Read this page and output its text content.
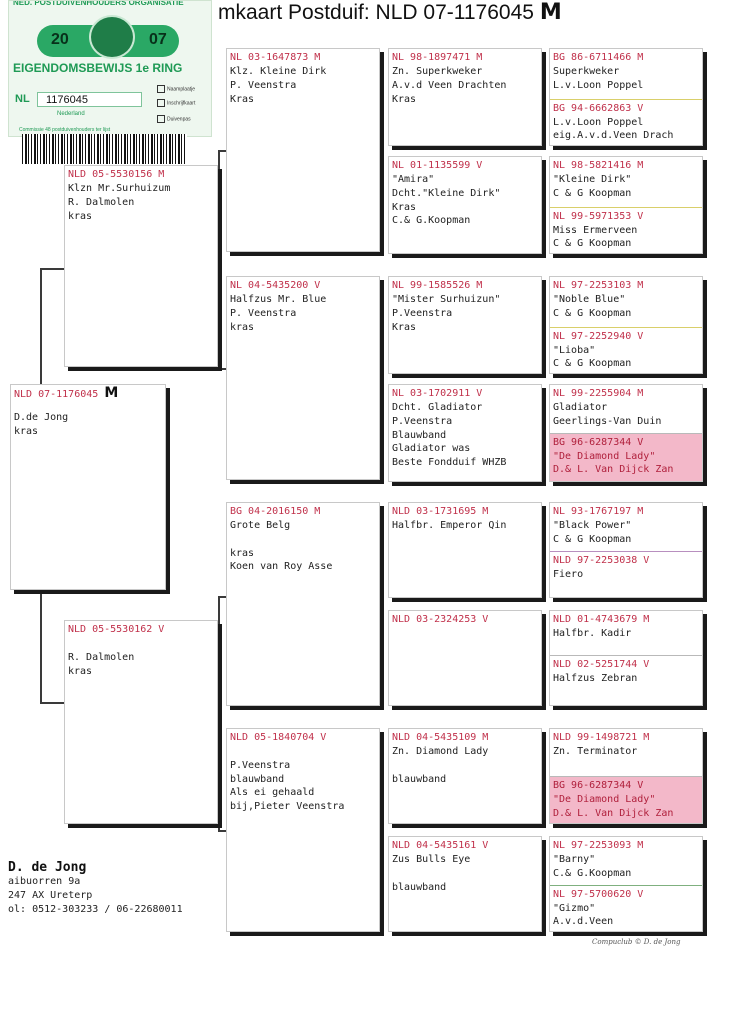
mkaart Postduif: NLD 07-1176045 M
NED. POSTDUIVENHOUDERS ORGANISATIE
20	07
EIGENDOMSBEWIJS 1e RING
NL	1176045
Nederland
Naamplaatje
Inschrijfkaart
Duivenpas
Commissie 48 postduivenhouders ter lijst
NLD 07-1176045 M
D.de Jong
kras
NLD 05-5530156 M
Klzn Mr.Surhuizum
R. Dalmolen
kras
NLD 05-5530162 V

R. Dalmolen
kras
NL 03-1647873 M
Klz. Kleine Dirk
P. Veenstra
Kras
NL 04-5435200 V
Halfzus Mr. Blue
P. Veenstra
kras
BG 04-2016150 M
Grote Belg

kras
Koen van Roy Asse
NLD 05-1840704 V

P.Veenstra
blauwband
Als ei gehaald
bij,Pieter Veenstra
NL 98-1897471 M
Zn. Superkweker
A.v.d Veen Drachten
Kras
NL 01-1135599 V
"Amira"
Dcht."Kleine Dirk"
Kras
C.& G.Koopman
NL 99-1585526 M
"Mister Surhuizun"
P.Veenstra
Kras
NL 03-1702911 V
Dcht. Gladiator
P.Veenstra
Blauwband
Gladiator was
Beste Fondduif WHZB
NLD 03-1731695 M
Halfbr. Emperor Qin
NLD 03-2324253 V
NLD 04-5435109 M
Zn. Diamond Lady

blauwband
NLD 04-5435161 V
Zus Bulls Eye

blauwband
BG 86-6711466 M
Superkweker
L.v.Loon Poppel
BG 94-6662863 V
L.v.Loon Poppel
eig.A.v.d.Veen Drach
NL 98-5821416 M
"Kleine Dirk"
C & G Koopman
NL 99-5971353 V
Miss Ermerveen
C & G Koopman
NL 97-2253103 M
"Noble Blue"
C & G Koopman
NL 97-2252940 V
"Lioba"
C & G Koopman
NL 99-2255904 M
Gladiator
Geerlings-Van Duin
BG 96-6287344 V
"De Diamond Lady"
D.& L. Van Dijck Zan
NL 93-1767197 M
"Black Power"
C & G Koopman
NLD 97-2253038 V
Fiero
NLD 01-4743679 M
Halfbr. Kadir
NLD 02-5251744 V
Halfzus Zebran
NLD 99-1498721 M
Zn. Terminator
BG 96-6287344 V
"De Diamond Lady"
D.& L. Van Dijck Zan
NL 97-2253093 M
"Barny"
C.& G.Koopman
NL 97-5700620 V
"Gizmo"
A.v.d.Veen
D. de Jong
aibuorren 9a
247 AX Ureterp
ol: 0512-303233 / 06-22680011
Compuclub © D. de Jong
